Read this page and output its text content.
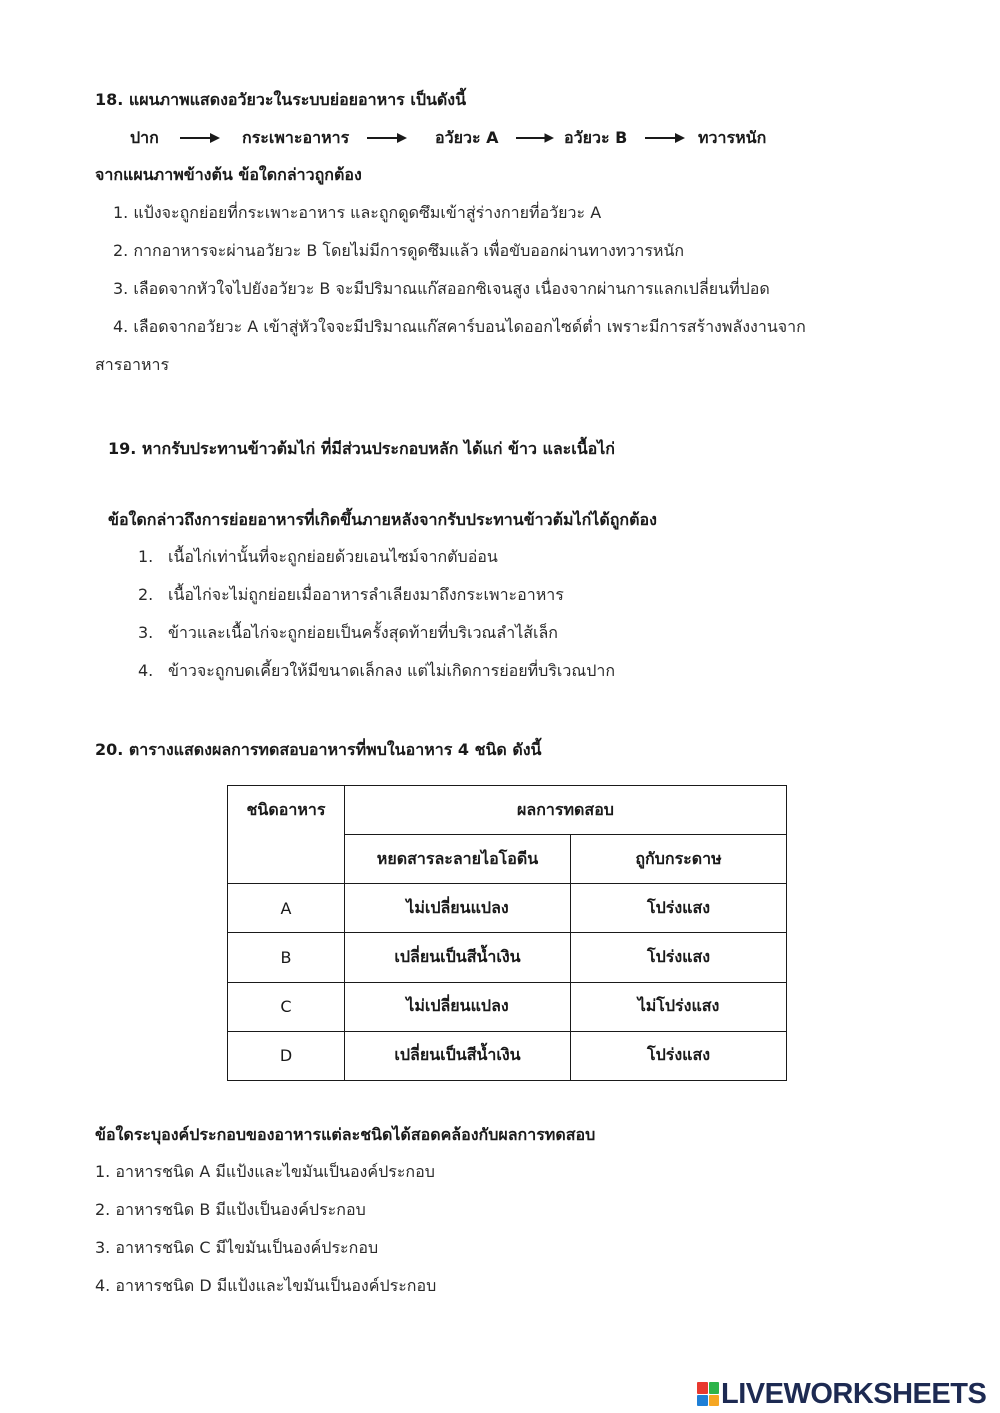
18. แผนภาพแสดงอวัยวะในระบบย่อยอาหาร เป็นดังนี้
ปาก	กระเพาะอาหาร	อวัยวะ A	อวัยวะ B	ทวารหนัก
จากแผนภาพข้างต้น ข้อใดกล่าวถูกต้อง
1. แป้งจะถูกย่อยที่กระเพาะอาหาร และถูกดูดซึมเข้าสู่ร่างกายที่อวัยวะ A
2. กากอาหารจะผ่านอวัยวะ B โดยไม่มีการดูดซึมแล้ว เพื่อขับออกผ่านทางทวารหนัก
3. เลือดจากหัวใจไปยังอวัยวะ B จะมีปริมาณแก๊สออกซิเจนสูง เนื่องจากผ่านการแลกเปลี่ยนที่ปอด
4. เลือดจากอวัยวะ A เข้าสู่หัวใจจะมีปริมาณแก๊สคาร์บอนไดออกไซด์ต่ำ เพราะมีการสร้างพลังงานจาก
สารอาหาร
19. หากรับประทานข้าวต้มไก่ ที่มีส่วนประกอบหลัก ได้แก่ ข้าว และเนื้อไก่
ข้อใดกล่าวถึงการย่อยอาหารที่เกิดขึ้นภายหลังจากรับประทานข้าวต้มไก่ได้ถูกต้อง
1. เนื้อไก่เท่านั้นที่จะถูกย่อยด้วยเอนไซม์จากตับอ่อน
2. เนื้อไก่จะไม่ถูกย่อยเมื่ออาหารลำเลียงมาถึงกระเพาะอาหาร
3. ข้าวและเนื้อไก่จะถูกย่อยเป็นครั้งสุดท้ายที่บริเวณลำไส้เล็ก
4. ข้าวจะถูกบดเคี้ยวให้มีขนาดเล็กลง แต่ไม่เกิดการย่อยที่บริเวณปาก
20. ตารางแสดงผลการทดสอบอาหารที่พบในอาหาร 4 ชนิด ดังนี้
ชนิดอาหาร	ผลการทดสอบ	
	หยดสารละลายไอโอดีน	ถูกับกระดาษ
A	ไม่เปลี่ยนแปลง	โปร่งแสง
B	เปลี่ยนเป็นสีน้ำเงิน	โปร่งแสง
C	ไม่เปลี่ยนแปลง	ไม่โปร่งแสง
D	เปลี่ยนเป็นสีน้ำเงิน	โปร่งแสง
ข้อใดระบุองค์ประกอบของอาหารแต่ละชนิดได้สอดคล้องกับผลการทดสอบ
1. อาหารชนิด A มีแป้งและไขมันเป็นองค์ประกอบ
2. อาหารชนิด B มีแป้งเป็นองค์ประกอบ
3. อาหารชนิด C มีไขมันเป็นองค์ประกอบ
4. อาหารชนิด D มีแป้งและไขมันเป็นองค์ประกอบ
LIVEWORKSHEETS
